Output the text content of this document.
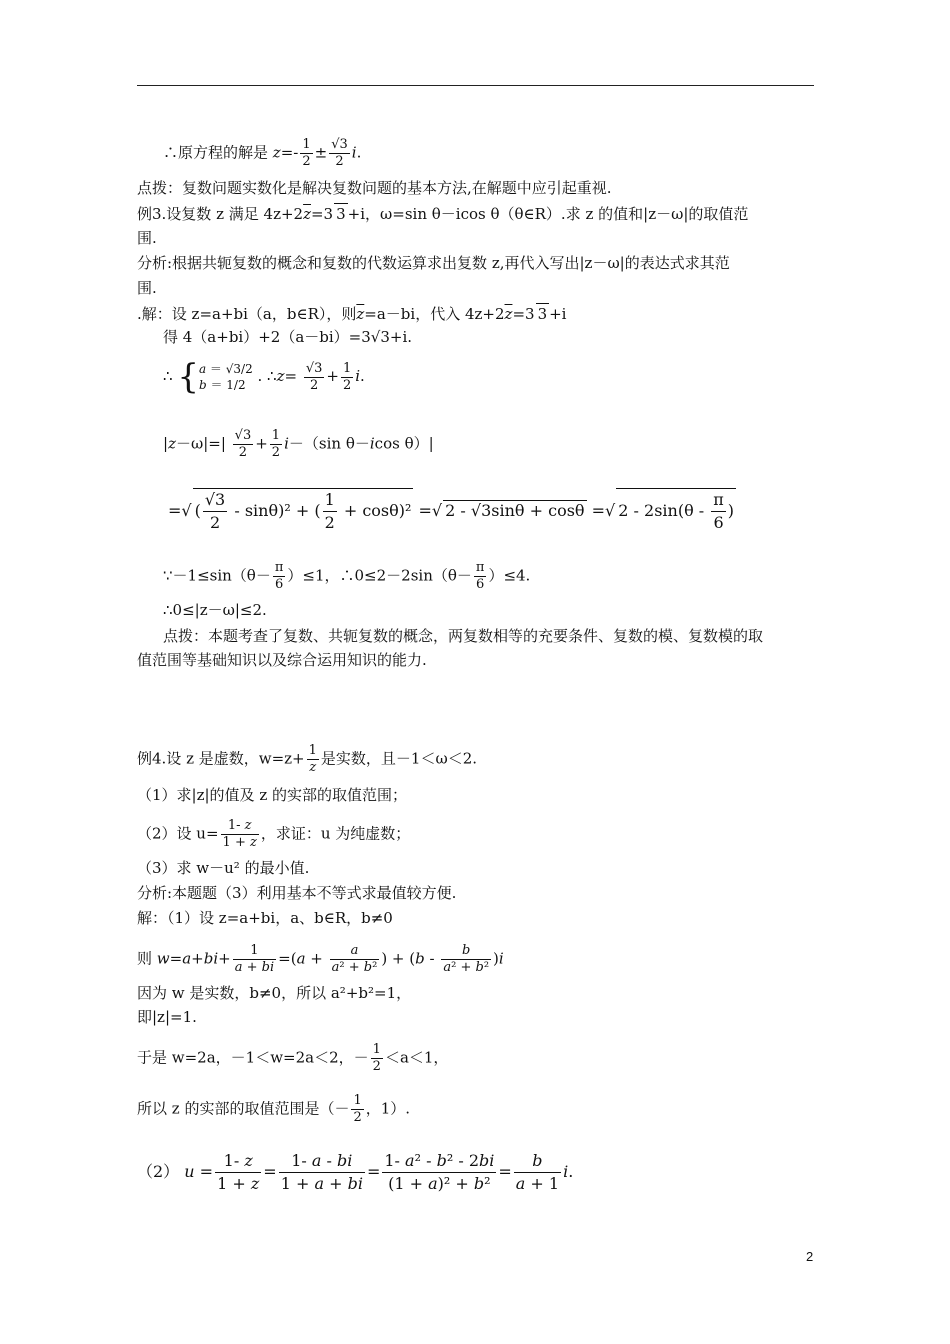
∴原方程的解是 $z=- \frac{1}{2} \pm \frac{√3}{2} i$.
点拨：复数问题实数化是解决复数问题的基本方法,在解题中应引起重视.
例3.设复数 z 满足 $4z+2\overline{z}=3$ 3 +i，ω=sin θ－icos θ（θ∈R）.求 z 的值和|z－ω|的取值范
围.
分析:根据共轭复数的概念和复数的代数运算求出复数 z,再代入写出|z－ω|的表达式求其范
围.
.解：设 z=a+bi（a，b∈R），则$\overline{z}=a-bi$，代入 $4z+2\overline{z}=3$ 3 +i
得 4（a+bi）+2（a－bi）=3√3+i.
∴ {a ＝ √3/2
b ＝ 1/2 . ∴z= $\frac{√3}{2} + \frac{1}{2} i$.
$|z-\omega|=| \frac{√3}{2} + \frac{1}{2} i-(\sin$ θ－icos θ）|
=√ ( $\frac{√3}{2} - \sin\theta)^2$ + ( $\frac{1}{2} + \cos\theta)^2$ =√ 2 - √3sinθ + cosθ =√ $2 - 2\sin(\theta - \frac{\pi}{6}$ )
∵－1≤sin（θ－ $\frac{\pi}{6} )\le 1$，∴0≤2－2sin（θ－ $\frac{\pi}{6} )\le 4$.
∴0≤|z－ω|≤2.
点拨：本题考查了复数、共轭复数的概念，两复数相等的充要条件、复数的模、复数模的取
值范围等基础知识以及综合运用知识的能力.
例4.设 z 是虚数，$w=z+ \frac{1}{z}$ 是实数，且－1＜ω＜2.
（1）求|z|的值及 z 的实部的取值范围；
（2）设 $u= \frac{1- z}{1 + z}$ ，求证：u 为纯虚数；
（3）求 w－u² 的最小值.
分析:本题题（3）利用基本不等式求最值较方便.
解：（1）设 z=a+bi，a、b∈R，b≠0
则 $w=a+bi+ \frac{1}{a + bi} =(a + \frac{a}{\text{a² + b²}}$ ) + $(b - \frac{b}{\text{a² + b²}} )i$
因为 w 是实数，b≠0，所以 a²+b²=1，
即|z|=1.
于是 w=2a，－1＜w=2a＜2，－ $\frac{1}{2} <a<1$，
所以 z 的实部的取值范围是（－ $\frac{1}{2}$ ，1）.
（2） $u = \frac{1- z}{1 + z} = \frac{1- a - bi}{1 + a + bi} = \frac{\text{1- a² - b² - 2bi}}{\text{(1 + a)² + b²}} = \frac{b}{a + 1} i$.
2
